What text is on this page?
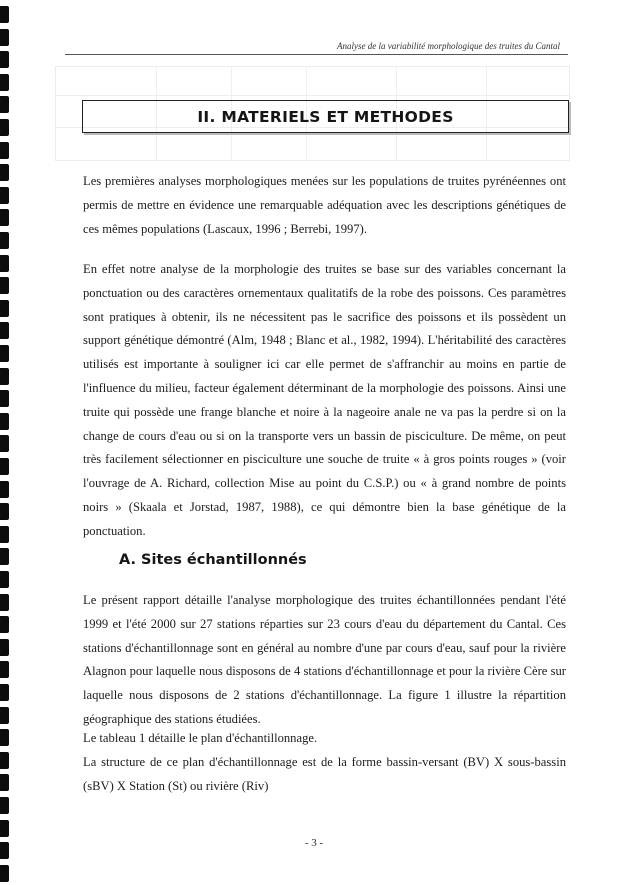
Analyse de la variabilité morphologique des truites du Cantal
II. MATERIELS ET METHODES

Les premières analyses morphologiques menées sur les populations de truites pyrénéennes ont permis de mettre en évidence une remarquable adéquation avec les descriptions génétiques de ces mêmes populations (Lascaux, 1996 ; Berrebi, 1997).

En effet notre analyse de la morphologie des truites se base sur des variables concernant la ponctuation ou des caractères ornementaux qualitatifs de la robe des poissons. Ces paramètres sont pratiques à obtenir, ils ne nécessitent pas le sacrifice des poissons et ils possèdent un support génétique démontré (Alm, 1948 ; Blanc et al., 1982, 1994). L'héritabilité des caractères utilisés est importante à souligner ici car elle permet de s'affranchir au moins en partie de l'influence du milieu, facteur également déterminant de la morphologie des poissons. Ainsi une truite qui possède une frange blanche et noire à la nageoire anale ne va pas la perdre si on la change de cours d'eau ou si on la transporte vers un bassin de pisciculture. De même, on peut très facilement sélectionner en pisciculture une souche de truite « à gros points rouges » (voir l'ouvrage de A. Richard, collection Mise au point du C.S.P.) ou « à grand nombre de points noirs » (Skaala et Jorstad, 1987, 1988), ce qui démontre bien la base génétique de la ponctuation.

A. Sites échantillonnés

Le présent rapport détaille l'analyse morphologique des truites échantillonnées pendant l'été 1999 et l'été 2000 sur 27 stations réparties sur 23 cours d'eau du département du Cantal. Ces stations d'échantillonnage sont en général au nombre d'une par cours d'eau, sauf pour la rivière Alagnon pour laquelle nous disposons de 4 stations d'échantillonnage et pour la rivière Cère sur laquelle nous disposons de 2 stations d'échantillonnage. La figure 1 illustre la répartition géographique des stations étudiées.

Le tableau 1 détaille le plan d'échantillonnage.

La structure de ce plan d'échantillonnage est de la forme bassin-versant (BV) X sous-bassin (sBV) X Station (St) ou rivière (Riv)

- 3 -
